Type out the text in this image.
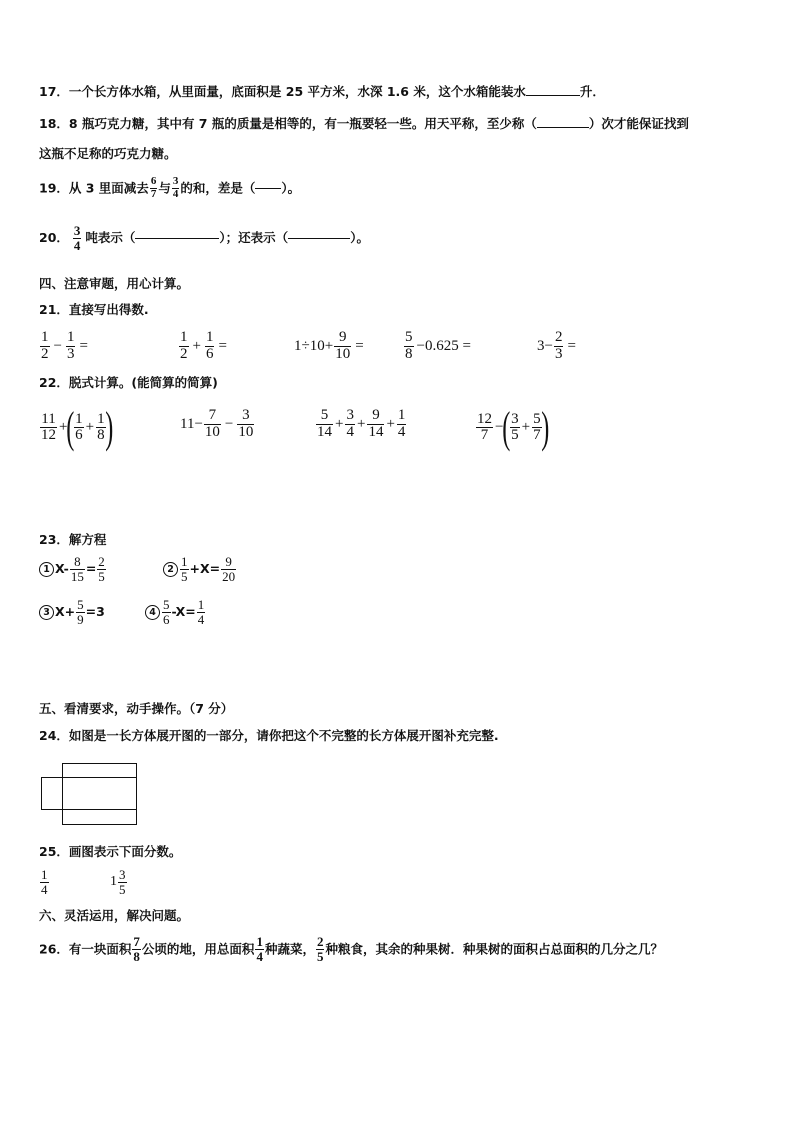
17．一个长方体水箱，从里面量，底面积是 25 平方米，水深 1.6 米，这个水箱能装水	升．
18．8 瓶巧克力糖，其中有 7 瓶的质量是相等的，有一瓶要轻一些。用天平称，至少称（	）次才能保证找到
这瓶不足称的巧克力糖。
19．从 3 里面减去 $\frac{6}{7}$ 与 $\frac{3}{4}$ 的和，差是（ ）。
20． $\frac{3}{4}$ 吨表示（	）；还表示（	）。
四、注意审题，用心计算。
21．直接写出得数.
$\frac{1}{2} - \frac{1}{3}$ =	$\frac{1}{2} + \frac{1}{6}$ =	$1\div 10+ \frac{9}{10}$ =	$\frac{5}{8} -0.625$ =	$3- \frac{2}{3}$ =
22．脱式计算。(能简算的简算)
$\frac{11}{12}$ +( $\frac{1}{6} + \frac{1}{8}$ )	$11- \frac{7}{10} - \frac{3}{10}$	$\frac{5}{14} + \frac{3}{4} + \frac{9}{14} + \frac{1}{4}$	$\frac{12}{7}$ −( $\frac{3}{5} + \frac{5}{7}$ )
23．解方程
1 $X- \frac{8}{15} = \frac{2}{5}$	$2 \frac{1}{5} +X= \frac{9}{20}$
3 $X+ \frac{5}{9} =3$	$4 \frac{5}{6} -X= \frac{1}{4}$
五、看清要求，动手操作。（7 分）
24．如图是一长方体展开图的一部分，请你把这个不完整的长方体展开图补充完整.
25．画图表示下面分数。
$\frac{1}{4}$	$1 \frac{3}{5}$
六、灵活运用，解决问题。
26．有一块面积 $\frac{7}{8}$ 公顷的地，用总面积 $\frac{1}{4}$ 种蔬菜， $\frac{2}{5}$ 种粮食，其余的种果树．种果树的面积占总面积的几分之几？
